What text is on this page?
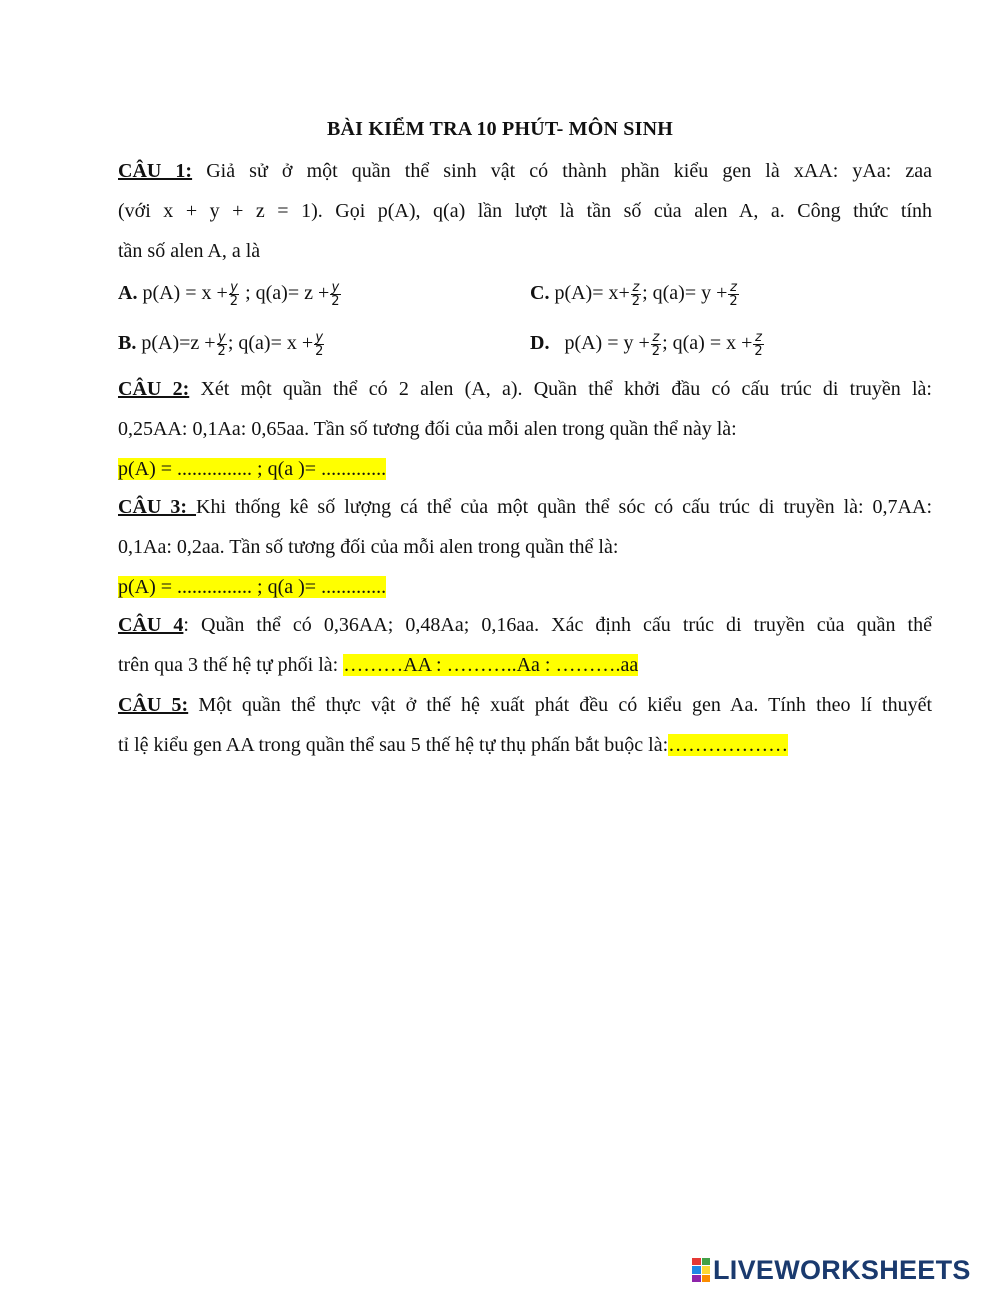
BÀI KIỂM TRA 10 PHÚT- MÔN SINH
CÂU 1: Giả sử ở một quần thể sinh vật có thành phần kiểu gen là xAA: yAa: zaa
(với x + y + z = 1). Gọi p(A), q(a) lần lượt là tần số của alen A, a. Công thức tính
tần số alen A, a là
A. $p(A) = x + \frac{y}{2}$ ; $q(a)= z + \frac{y}{2}$	C. $p(A)= x+ \frac{z}{2}$ ; $q(a)= y + \frac{z}{2}$
B. $p(A)=z + \frac{y}{2}$ ; $q(a)= x + \frac{y}{2}$	D.   $p(A) = y + \frac{z}{2}$ ; $q(a) = x + \frac{z}{2}$
CÂU 2: Xét một quần thể có 2 alen (A, a). Quần thể khởi đầu có cấu trúc di truyền là:
0,25AA: 0,1Aa: 0,65aa. Tần số tương đối của mỗi alen trong quần thể này là:
p(A) = ............... ; q(a )= .............
CÂU 3: Khi thống kê số lượng cá thể của một quần thể sóc có cấu trúc di truyền là: 0,7AA:
0,1Aa: 0,2aa. Tần số tương đối của mỗi alen trong quần thể là:
p(A) = ............... ; q(a )= .............
CÂU 4: Quần thể có 0,36AA; 0,48Aa; 0,16aa. Xác định cấu trúc di truyền của quần thể
trên qua 3 thế hệ tự phối là: ………AA : ………..Aa : ……….aa
CÂU 5: Một quần thể thực vật ở thế hệ xuất phát đều có kiểu gen Aa. Tính theo lí thuyết
tỉ lệ kiểu gen AA trong quần thể sau 5 thế hệ tự thụ phấn bắt buộc là:………………
LIVEWORKSHEETS
